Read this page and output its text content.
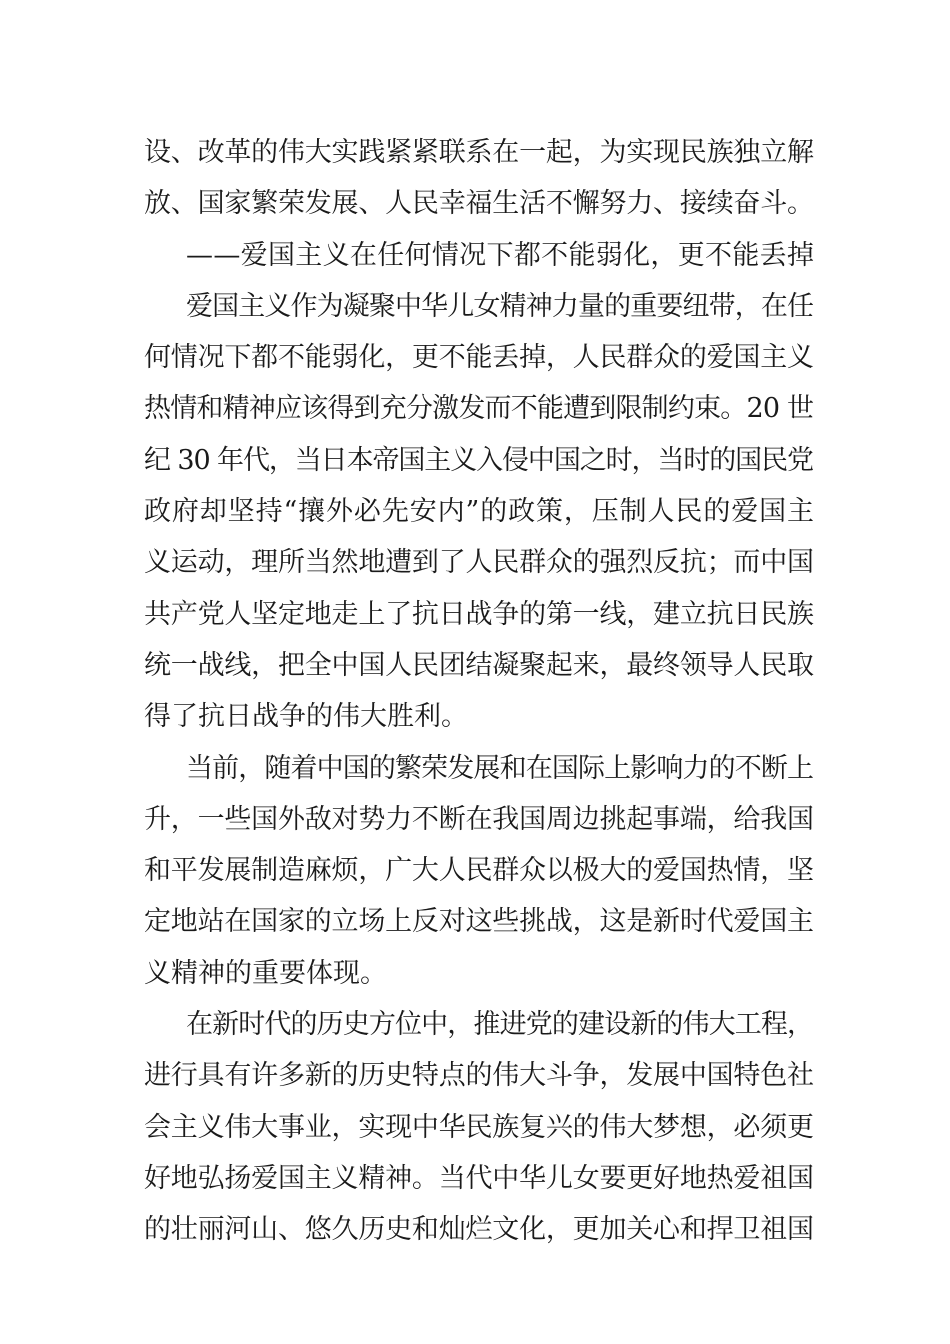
设、改革的伟大实践紧紧联系在一起，为实现民族独立解
放、国家繁荣发展、人民幸福生活不懈努力、接续奋斗。
——爱国主义在任何情况下都不能弱化，更不能丢掉
爱国主义作为凝聚中华儿女精神力量的重要纽带，在任
何情况下都不能弱化，更不能丢掉，人民群众的爱国主义
热情和精神应该得到充分激发而不能遭到限制约束。20 世
纪 30 年代，当日本帝国主义入侵中国之时，当时的国民党
政府却坚持“攘外必先安内”的政策，压制人民的爱国主
义运动，理所当然地遭到了人民群众的强烈反抗；而中国
共产党人坚定地走上了抗日战争的第一线，建立抗日民族
统一战线，把全中国人民团结凝聚起来，最终领导人民取
得了抗日战争的伟大胜利。
当前，随着中国的繁荣发展和在国际上影响力的不断上
升，一些国外敌对势力不断在我国周边挑起事端，给我国
和平发展制造麻烦，广大人民群众以极大的爱国热情，坚
定地站在国家的立场上反对这些挑战，这是新时代爱国主
义精神的重要体现。
在新时代的历史方位中，推进党的建设新的伟大工程，
进行具有许多新的历史特点的伟大斗争，发展中国特色社
会主义伟大事业，实现中华民族复兴的伟大梦想，必须更
好地弘扬爱国主义精神。当代中华儿女要更好地热爱祖国
的壮丽河山、悠久历史和灿烂文化，更加关心和捍卫祖国
